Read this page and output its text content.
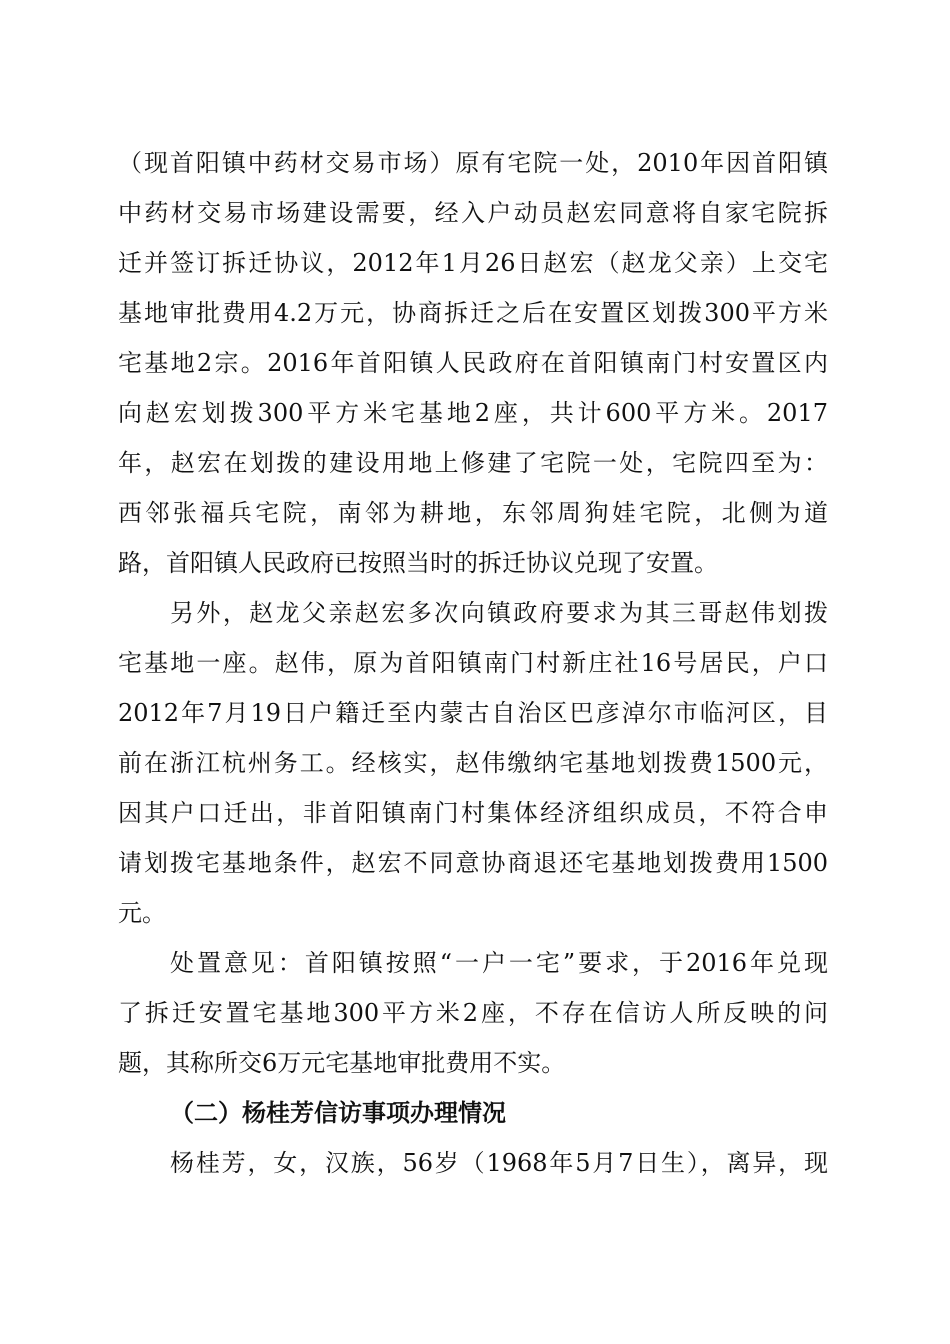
（现首阳镇中药材交易市场）原有宅院一处，2010年因首阳镇
中药材交易市场建设需要，经入户动员赵宏同意将自家宅院拆
迁并签订拆迁协议，2012年1月26日赵宏（赵龙父亲）上交宅
基地审批费用4.2万元，协商拆迁之后在安置区划拨300平方米
宅基地2宗。2016年首阳镇人民政府在首阳镇南门村安置区内
向赵宏划拨300平方米宅基地2座，共计600平方米。2017
年，赵宏在划拨的建设用地上修建了宅院一处，宅院四至为：
西邻张福兵宅院，南邻为耕地，东邻周狗娃宅院，北侧为道
路，首阳镇人民政府已按照当时的拆迁协议兑现了安置。
另外，赵龙父亲赵宏多次向镇政府要求为其三哥赵伟划拨
宅基地一座。赵伟，原为首阳镇南门村新庄社16号居民，户口
2012年7月19日户籍迁至内蒙古自治区巴彦淖尔市临河区，目
前在浙江杭州务工。经核实，赵伟缴纳宅基地划拨费1500元，
因其户口迁出，非首阳镇南门村集体经济组织成员，不符合申
请划拨宅基地条件，赵宏不同意协商退还宅基地划拨费用1500
元。
处置意见：首阳镇按照“一户一宅”要求，于2016年兑现
了拆迁安置宅基地300平方米2座，不存在信访人所反映的问
题，其称所交6万元宅基地审批费用不实。
（二）杨桂芳信访事项办理情况
杨桂芳，女，汉族，56岁（1968年5月7日生），离异，现
